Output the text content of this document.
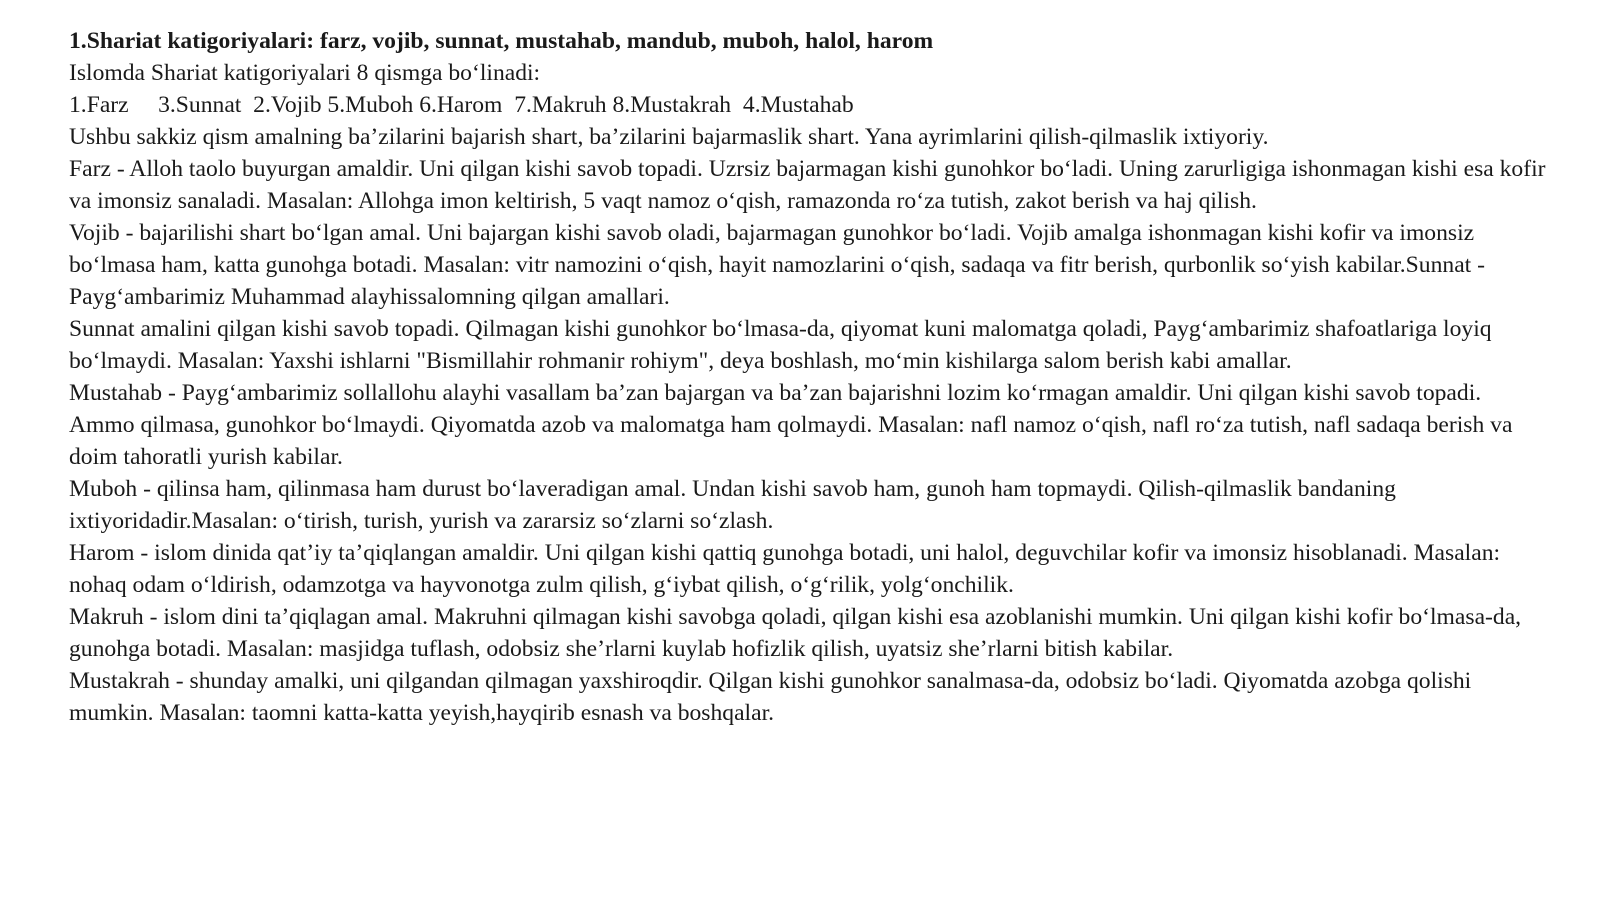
1.Shariat katigoriyalari: farz, vojib, sunnat, mustahab, mandub, muboh, halol, harom

Islomda Shariat katigoriyalari 8 qismga bo‘linadi:

1.Farz     3.Sunnat  2.Vojib 5.Muboh 6.Harom  7.Makruh 8.Mustakrah  4.Mustahab

Ushbu sakkiz qism amalning ba’zilarini bajarish shart, ba’zilarini bajarmaslik shart. Yana ayrimlarini qilish-qilmaslik ixtiyoriy.

Farz - Alloh taolo buyurgan amaldir. Uni qilgan kishi savob topadi. Uzrsiz bajarmagan kishi gunohkor bo‘ladi. Uning zarurligiga ishonmagan kishi esa kofir va imonsiz sanaladi. Masalan: Allohga imon keltirish, 5 vaqt namoz o‘qish, ramazonda ro‘za tutish, zakot berish va haj qilish.

Vojib - bajarilishi shart bo‘lgan amal. Uni bajargan kishi savob oladi, bajarmagan gunohkor bo‘ladi. Vojib amalga ishonmagan kishi kofir va imonsiz bo‘lmasa ham, katta gunohga botadi. Masalan: vitr namozini o‘qish, hayit namozlarini o‘qish, sadaqa va fitr berish, qurbonlik so‘yish kabilar.Sunnat - Payg‘ambarimiz Muhammad alayhissalomning qilgan amallari.

Sunnat amalini qilgan kishi savob topadi. Qilmagan kishi gunohkor bo‘lmasa-da, qiyomat kuni malomatga qoladi, Payg‘ambarimiz shafoatlariga loyiq bo‘lmaydi. Masalan: Yaxshi ishlarni "Bismillahir rohmanir rohiym", deya boshlash, mo‘min kishilarga salom berish kabi amallar.

Mustahab - Payg‘ambarimiz sollallohu alayhi vasallam ba’zan bajargan va ba’zan bajarishni lozim ko‘rmagan amaldir. Uni qilgan kishi savob topadi. Ammo qilmasa, gunohkor bo‘lmaydi. Qiyomatda azob va malomatga ham qolmaydi. Masalan: nafl namoz o‘qish, nafl ro‘za tutish, nafl sadaqa berish va doim tahoratli yurish kabilar.

Muboh - qilinsa ham, qilinmasa ham durust bo‘laveradigan amal. Undan kishi savob ham, gunoh ham topmaydi. Qilish-qilmaslik bandaning ixtiyoridadir.Masalan: o‘tirish, turish, yurish va zararsiz so‘zlarni so‘zlash.

Harom - islom dinida qat’iy ta’qiqlangan amaldir. Uni qilgan kishi qattiq gunohga botadi, uni halol, deguvchilar kofir va imonsiz hisoblanadi. Masalan: nohaq odam o‘ldirish, odamzotga va hayvonotga zulm qilish, g‘iybat qilish, o‘g‘rilik, yolg‘onchilik.

Makruh - islom dini ta’qiqlagan amal. Makruhni qilmagan kishi savobga qoladi, qilgan kishi esa azoblanishi mumkin. Uni qilgan kishi kofir bo‘lmasa-da, gunohga botadi. Masalan: masjidga tuflash, odobsiz she’rlarni kuylab hofizlik qilish, uyatsiz she’rlarni bitish kabilar.

Mustakrah - shunday amalki, uni qilgandan qilmagan yaxshiroqdir. Qilgan kishi gunohkor sanalmasa-da, odobsiz bo‘ladi. Qiyomatda azobga qolishi mumkin. Masalan: taomni katta-katta yeyish,hayqirib esnash va boshqalar.
